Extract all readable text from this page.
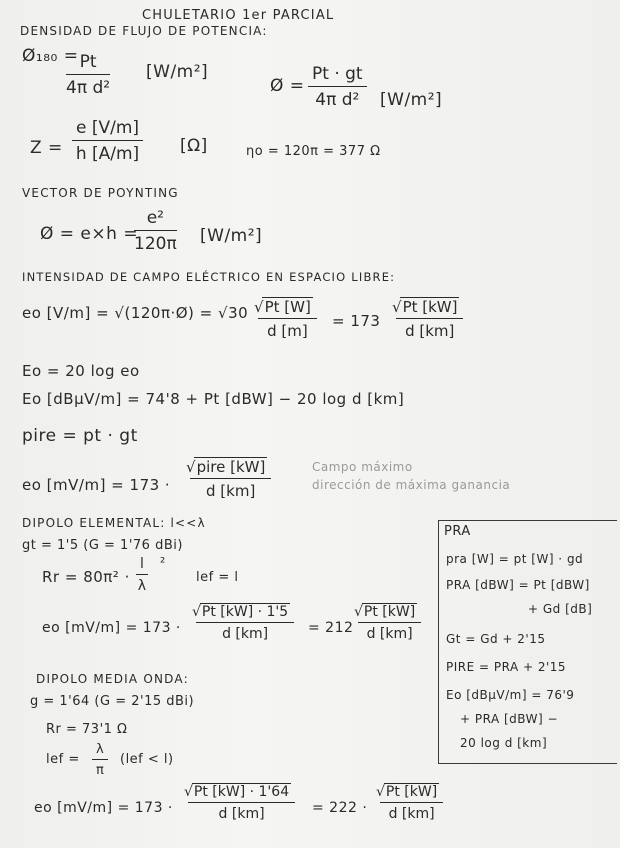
CHULETARIO 1er PARCIAL
DENSIDAD DE FLUJO DE POTENCIA:
Ø₁₈₀ =
$\frac{Pt}{\text{4π d²}} [W/m^2]$
Ø = $\frac{Pt \cdot gt}{\text{4π d²}} [W/m^2]$
$Z = \frac{e [V/m]}{h [A/m]} [\Omega]$	ηo = 120π = 377 Ω
VECTOR DE POYNTING
Ø = e×h =
$\frac{\text{e²}}{120\pi} [W/m^2]$
INTENSIDAD DE CAMPO ELÉCTRICO EN ESPACIO LIBRE:
eo [V/m] = √(120π·Ø) = √30 √ $\frac{Pt [W]}{d [m]} = 173$ √ $\frac{Pt [kW]}{d [km]}$
Eo = 20 log eo
Eo [dBµV/m] = 74'8 + Pt [dBW] − 20 log d [km]
pire = pt · gt
eo [mV/m] = 173 ·
√ pire [kW]
d [km]
Campo máximo
dirección de máxima ganancia
DIPOLO ELEMENTAL: l<<λ
gt = 1'5 (G = 1'76 dBi)
$Rr = 80\pi^2 \cdot \frac{l}{\lambda} ^2$
lef = l
eo [mV/m] = 173 · √ $\frac{Pt [kW] \cdot 1'5}{d [km]} = 212$ √ $\frac{Pt [kW]}{d [km]}$
DIPOLO MEDIA ONDA:
g = 1'64 (G = 2'15 dBi)
Rr = 73'1 Ω
lef = $\frac{\lambda}{\pi} (lef < l)$
eo [mV/m] = 173 · √ $\frac{Pt [kW] \cdot 1'64}{d [km]} = 222$ · √ $\frac{Pt [kW]}{d [km]}$
PRA
pra [W] = pt [W] · gd
PRA [dBW] = Pt [dBW]
+ Gd [dB]
Gt = Gd + 2'15
PIRE = PRA + 2'15
Eo [dBµV/m] = 76'9
+ PRA [dBW] −
20 log d [km]
